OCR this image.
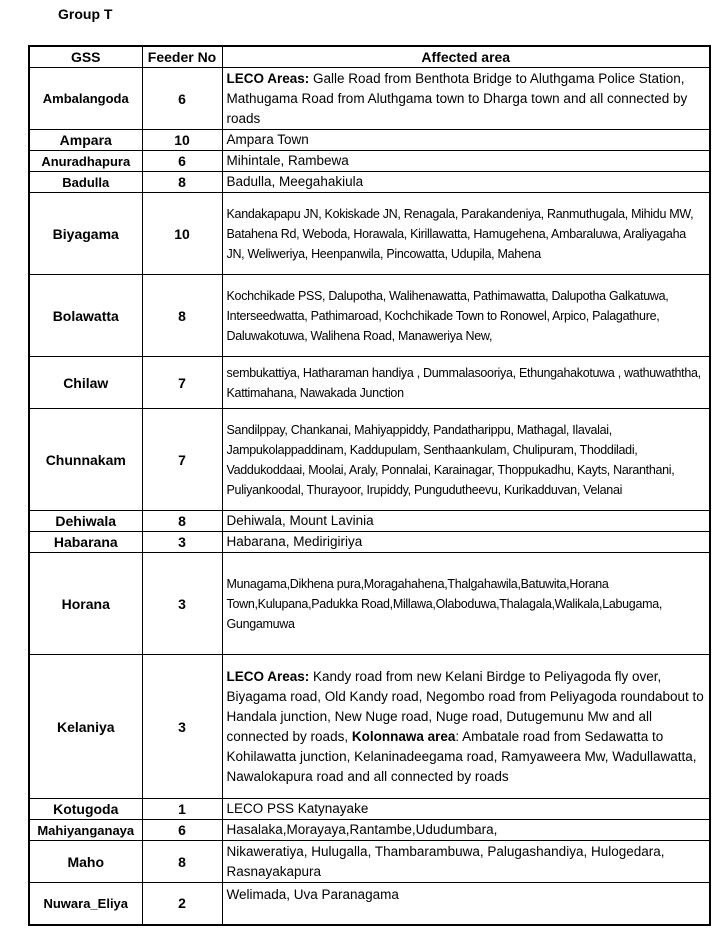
Group T
GSS	Feeder No	Affected area
Ambalangoda	6	LECO Areas: Galle Road from Benthota Bridge to Aluthgama Police Station, Mathugama Road from Aluthgama town to Dharga town and all connected by roads
Ampara	10	Ampara Town
Anuradhapura	6	Mihintale, Rambewa
Badulla	8	Badulla, Meegahakiula
Biyagama	10	Kandakapapu JN, Kokiskade JN, Renagala, Parakandeniya, Ranmuthugala, Mihidu MW, Batahena Rd, Weboda, Horawala, Kirillawatta, Hamugehena, Ambaraluwa, Araliyagaha JN, Weliweriya, Heenpanwila, Pincowatta, Udupila, Mahena
Bolawatta	8	Kochchikade PSS, Dalupotha, Walihenawatta, Pathimawatta, Dalupotha Galkatuwa, Interseedwatta, Pathimaroad, Kochchikade Town to Ronowel, Arpico, Palagathure, Daluwakotuwa, Walihena Road, Manaweriya New,
Chilaw	7	sembukattiya, Hatharaman handiya , Dummalasooriya, Ethungahakotuwa , wathuwaththa, Kattimahana, Nawakada Junction
Chunnakam	7	Sandilppay, Chankanai, Mahiyappiddy, Pandatharippu, Mathagal, Ilavalai, Jampukolappaddinam, Kaddupulam, Senthaankulam, Chulipuram, Thoddiladi, Vaddukoddaai, Moolai, Araly, Ponnalai, Karainagar, Thoppukadhu, Kayts, Naranthani, Puliyankoodal, Thurayoor, Irupiddy, Pungudutheevu, Kurikadduvan, Velanai
Dehiwala	8	Dehiwala, Mount Lavinia
Habarana	3	Habarana, Medirigiriya
Horana	3	Munagama,Dikhena pura,Moragahahena,Thalgahawila,Batuwita,Horana Town,Kulupana,Padukka Road,Millawa,Olaboduwa,Thalagala,Walikala,Labugama, Gungamuwa
Kelaniya	3	LECO Areas: Kandy road from new Kelani Birdge to Peliyagoda fly over, Biyagama road, Old Kandy road, Negombo road from Peliyagoda roundabout to Handala junction, New Nuge road, Nuge road, Dutugemunu Mw and all connected by roads, Kolonnawa area: Ambatale road from Sedawatta to Kohilawatta junction, Kelaninadeegama road, Ramyaweera Mw, Wadullawatta, Nawalokapura road and all connected by roads
Kotugoda	1	LECO PSS Katynayake
Mahiyanganaya	6	Hasalaka,Morayaya,Rantambe,Ududumbara,
Maho	8	Nikaweratiya, Hulugalla, Thambarambuwa, Palugashandiya, Hulogedara, Rasnayakapura
Nuwara_Eliya	2	Welimada, Uva Paranagama
